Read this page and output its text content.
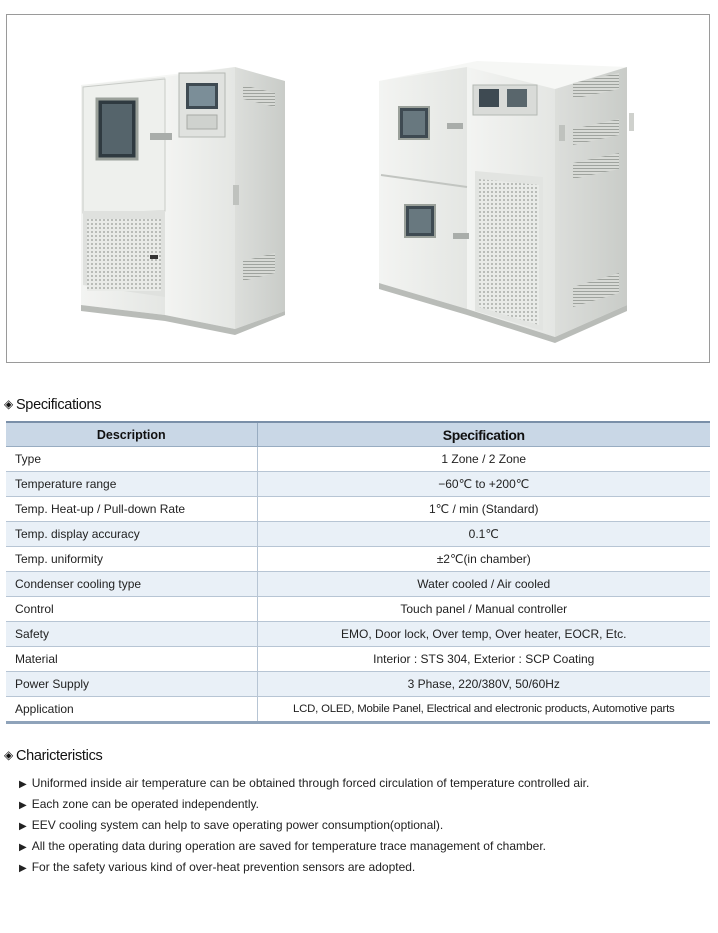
◈ Specifications
Description	Specification
Type	1 Zone / 2 Zone
Temperature range	−60℃ to +200℃
Temp. Heat-up / Pull-down Rate	1℃ / min (Standard)
Temp. display accuracy	0.1℃
Temp. uniformity	±2℃(in chamber)
Condenser cooling type	Water cooled / Air cooled
Control	Touch panel / Manual controller
Safety	EMO, Door lock, Over temp, Over heater, EOCR, Etc.
Material	Interior : STS 304, Exterior : SCP Coating
Power Supply	3 Phase, 220/380V, 50/60Hz
Application	LCD, OLED, Mobile Panel, Electrical and electronic products, Automotive parts
◈ Charicteristics
▶ Uniformed inside air temperature can be obtained through forced circulation of temperature controlled air.
▶ Each zone can be operated independently.
▶ EEV cooling system can help to save operating power consumption(optional).
▶ All the operating data during operation are saved for temperature trace management of chamber.
▶ For the safety various kind of over-heat prevention sensors are adopted.
